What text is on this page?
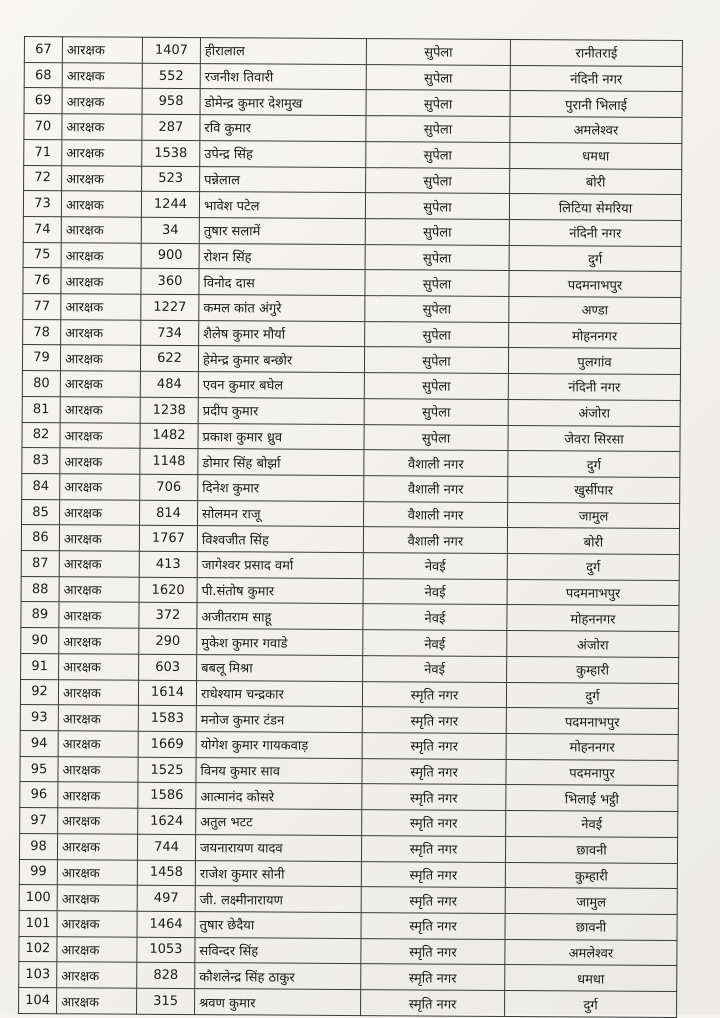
67	आरक्षक	1407	हीरालाल	सुपेला	रानीतराई
68	आरक्षक	552	रजनीश तिवारी	सुपेला	नंदिनी नगर
69	आरक्षक	958	डोमेन्द्र कुमार देशमुख	सुपेला	पुरानी भिलाई
70	आरक्षक	287	रवि कुमार	सुपेला	अमलेश्वर
71	आरक्षक	1538	उपेन्द्र सिंह	सुपेला	धमधा
72	आरक्षक	523	पन्नेलाल	सुपेला	बोरी
73	आरक्षक	1244	भावेश पटेल	सुपेला	लिटिया सेमरिया
74	आरक्षक	34	तुषार सलामें	सुपेला	नंदिनी नगर
75	आरक्षक	900	रोशन सिंह	सुपेला	दुर्ग
76	आरक्षक	360	विनोद दास	सुपेला	पदमनाभपुर
77	आरक्षक	1227	कमल कांत अंगुरे	सुपेला	अण्डा
78	आरक्षक	734	शैलेष कुमार मौर्या	सुपेला	मोहननगर
79	आरक्षक	622	हेमेन्द्र कुमार बन्छोर	सुपेला	पुलगांव
80	आरक्षक	484	एवन कुमार बघेल	सुपेला	नंदिनी नगर
81	आरक्षक	1238	प्रदीप कुमार	सुपेला	अंजोरा
82	आरक्षक	1482	प्रकाश कुमार ध्रुव	सुपेला	जेवरा सिरसा
83	आरक्षक	1148	डोमार सिंह बोर्झा	वैशाली नगर	दुर्ग
84	आरक्षक	706	दिनेश कुमार	वैशाली नगर	खुर्सीपार
85	आरक्षक	814	सोलमन राजू	वैशाली नगर	जामुल
86	आरक्षक	1767	विश्वजीत सिंह	वैशाली नगर	बोरी
87	आरक्षक	413	जागेश्वर प्रसाद वर्मा	नेवई	दुर्ग
88	आरक्षक	1620	पी.संतोष कुमार	नेवई	पदमनाभपुर
89	आरक्षक	372	अजीतराम साहू	नेवई	मोहननगर
90	आरक्षक	290	मुकेश कुमार गवाडे	नेवई	अंजोरा
91	आरक्षक	603	बबलू मिश्रा	नेवई	कुम्हारी
92	आरक्षक	1614	राधेश्याम चन्द्रकार	स्मृति नगर	दुर्ग
93	आरक्षक	1583	मनोज कुमार टंडन	स्मृति नगर	पदमनाभपुर
94	आरक्षक	1669	योगेश कुमार गायकवाड़	स्मृति नगर	मोहननगर
95	आरक्षक	1525	विनय कुमार साव	स्मृति नगर	पदमनापुर
96	आरक्षक	1586	आत्मानंद कोसरे	स्मृति नगर	भिलाई भट्ठी
97	आरक्षक	1624	अतुल भटट	स्मृति नगर	नेवई
98	आरक्षक	744	जयनारायण यादव	स्मृति नगर	छावनी
99	आरक्षक	1458	राजेश कुमार सोनी	स्मृति नगर	कुम्हारी
100	आरक्षक	497	जी. लक्ष्मीनारायण	स्मृति नगर	जामुल
101	आरक्षक	1464	तुषार छेदैया	स्मृति नगर	छावनी
102	आरक्षक	1053	सविन्दर सिंह	स्मृति नगर	अमलेश्वर
103	आरक्षक	828	कौशलेन्द्र सिंह ठाकुर	स्मृति नगर	धमधा
104	आरक्षक	315	श्रवण कुमार	स्मृति नगर	दुर्ग
